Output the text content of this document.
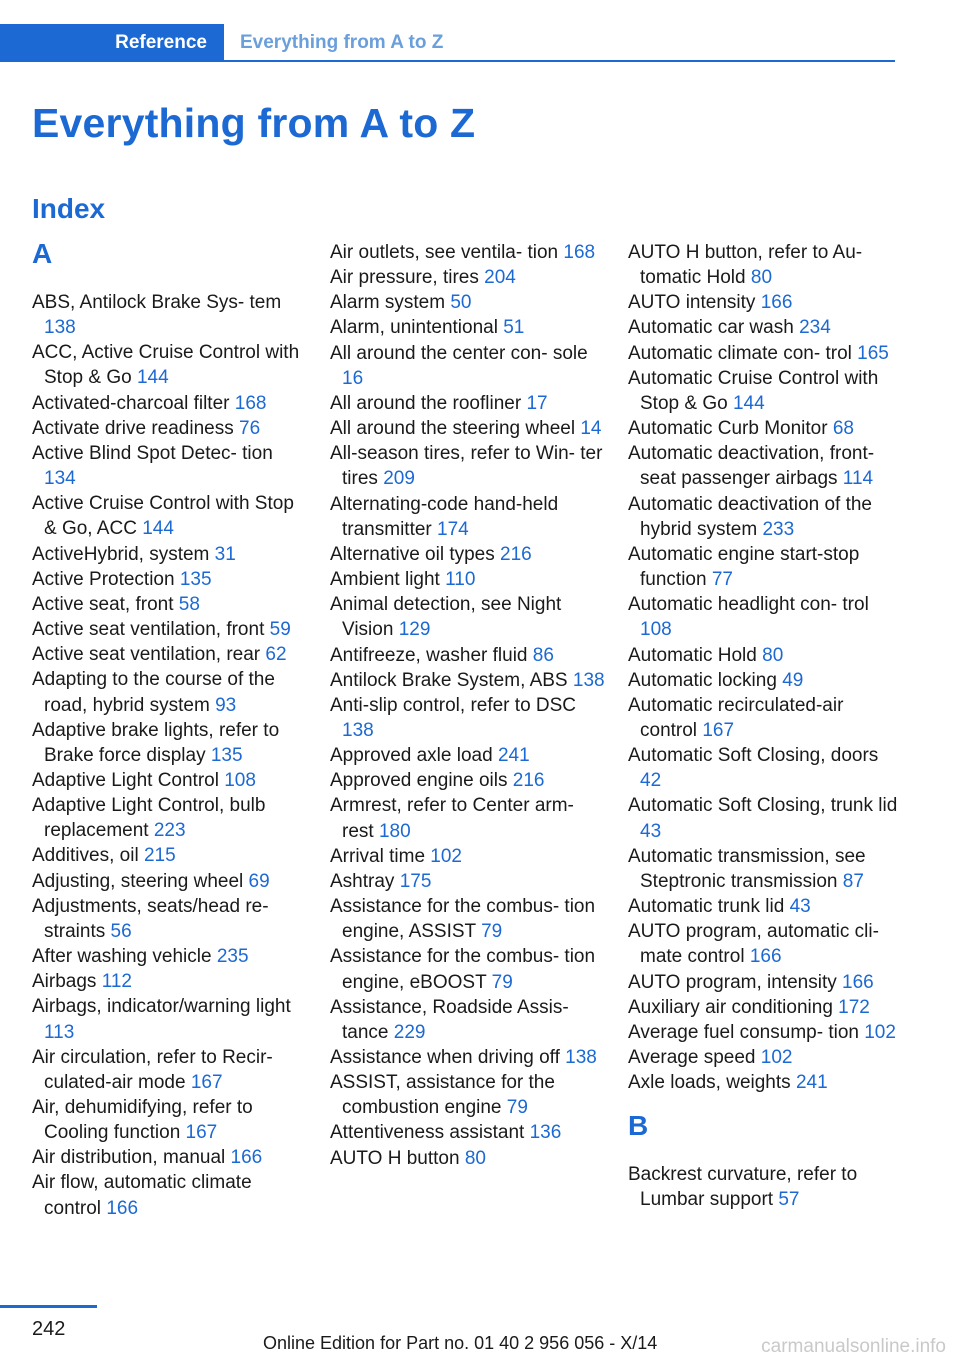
Reference Everything from A to Z
Everything from A to Z
Index
A

ABS, Antilock Brake Sys‐ tem 138

ACC, Active Cruise Control with Stop & Go 144

Activated-charcoal filter 168

Activate drive readiness 76

Active Blind Spot Detec‐ tion 134

Active Cruise Control with Stop & Go, ACC 144

ActiveHybrid, system 31

Active Protection 135

Active seat, front 58

Active seat ventilation, front 59

Active seat ventilation, rear 62

Adapting to the course of the road, hybrid system 93

Adaptive brake lights, refer to Brake force display 135

Adaptive Light Control 108

Adaptive Light Control, bulb replacement 223

Additives, oil 215

Adjusting, steering wheel 69

Adjustments, seats/head re‐ straints 56

After washing vehicle 235

Airbags 112

Airbags, indicator/warning light 113

Air circulation, refer to Recir‐ culated-air mode 167

Air, dehumidifying, refer to Cooling function 167

Air distribution, manual 166

Air flow, automatic climate control 166

Air outlets, see ventila‐ tion 168

Air pressure, tires 204

Alarm system 50

Alarm, unintentional 51

All around the center con‐ sole 16

All around the roofliner 17

All around the steering wheel 14

All-season tires, refer to Win‐ ter tires 209

Alternating-code hand-held transmitter 174

Alternative oil types 216

Ambient light 110

Animal detection, see Night Vision 129

Antifreeze, washer fluid 86

Antilock Brake System, ABS 138

Anti-slip control, refer to DSC 138

Approved axle load 241

Approved engine oils 216

Armrest, refer to Center arm‐ rest 180

Arrival time 102

Ashtray 175

Assistance for the combus‐ tion engine, ASSIST 79

Assistance for the combus‐ tion engine, eBOOST 79

Assistance, Roadside Assis‐ tance 229

Assistance when driving off 138

ASSIST, assistance for the combustion engine 79

Attentiveness assistant 136

AUTO H button 80

AUTO H button, refer to Au‐ tomatic Hold 80

AUTO intensity 166

Automatic car wash 234

Automatic climate con‐ trol 165

Automatic Cruise Control with Stop & Go 144

Automatic Curb Monitor 68

Automatic deactivation, front- seat passenger airbags 114

Automatic deactivation of the hybrid system 233

Automatic engine start-stop function 77

Automatic headlight con‐ trol 108

Automatic Hold 80

Automatic locking 49

Automatic recirculated-air control 167

Automatic Soft Closing, doors 42

Automatic Soft Closing, trunk lid 43

Automatic transmission, see Steptronic transmission 87

Automatic trunk lid 43

AUTO program, automatic cli‐ mate control 166

AUTO program, intensity 166

Auxiliary air conditioning 172

Average fuel consump‐ tion 102

Average speed 102

Axle loads, weights 241

B

Backrest curvature, refer to Lumbar support 57

242
Online Edition for Part no. 01 40 2 956 056 - X/14	carmanualsonline.info
